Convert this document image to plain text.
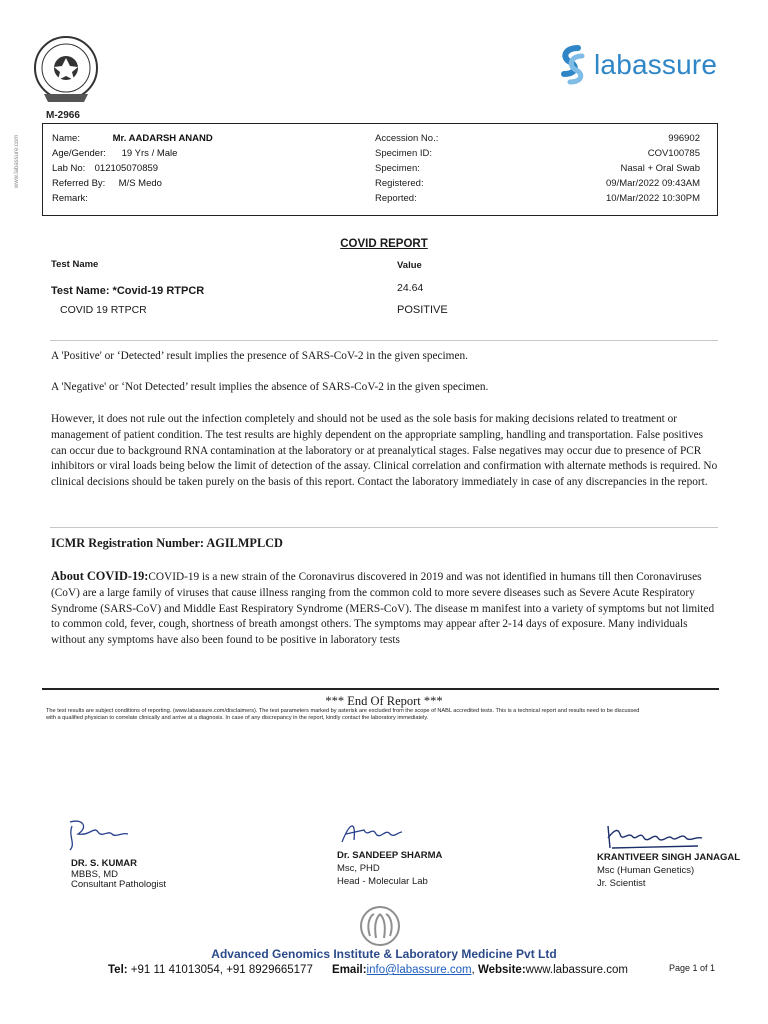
M-2966
labassure
www.labassure.com	Name:	Mr. AADARSH ANAND
Age/Gender: 19 Yrs / Male
Lab No: 012105070859
Referred By: M/S Medo
Remark:
Accession No.:	996902
Specimen ID:	COV100785
Specimen:	Nasal + Oral Swab
Registered:	09/Mar/2022 09:43AM
Reported:	10/Mar/2022 10:30PM
COVID REPORT
Test Name	Value
Test Name: *Covid-19 RTPCR	24.64
COVID 19 RTPCR	POSITIVE
A 'Positive' or ‘Detected’ result implies the presence of SARS-CoV-2 in the given specimen.
A 'Negative' or ‘Not Detected’ result implies the absence of SARS-CoV-2 in the given specimen.
However, it does not rule out the infection completely and should not be used as the sole basis for making decisions related to treatment or management of patient condition. The test results are highly dependent on the appropriate sampling, handling and transportation. False positives can occur due to background RNA contamination at the laboratory or at preanalytical stages. False negatives may occur due to presence of PCR inhibitors or viral loads being below the limit of detection of the assay. Clinical correlation and confirmation with alternate methods is required. No clinical decisions should be taken purely on the basis of this report. Contact the laboratory immediately in case of any discrepancies in the report.
ICMR Registration Number: AGILMPLCD
About COVID-19:COVID-19 is a new strain of the Coronavirus discovered in 2019 and was not identified in humans till then Coronaviruses (CoV) are a large family of viruses that cause illness ranging from the common cold to more severe diseases such as Severe Acute Respiratory Syndrome (SARS-CoV) and Middle East Respiratory Syndrome (MERS-CoV). The disease m manifest into a variety of symptoms but not limited to common cold, fever, cough, shortness of breath amongst others. The symptoms may appear after 2-14 days of exposure. Many individuals without any symptoms have also been found to be positive in laboratory tests
*** End Of Report ***
The test results are subject conditions of reporting. (www.labassure.com/disclaimers). The test parameters marked by asterisk are excluded from the scope of NABL accredited tests. This is a technical report and results need to be discussed with a qualified physician to correlate clinically and arrive at a diagnosis. In case of any discrepancy in the report, kindly contact the laboratory immediately.
DR. S. KUMAR
MBBS, MD
Consultant Pathologist
Dr. SANDEEP SHARMA
Msc, PHD
Head - Molecular Lab
KRANTIVEER SINGH JANAGAL
Msc (Human Genetics)
Jr. Scientist
Advanced Genomics Institute & Laboratory Medicine Pvt Ltd
Tel: +91 11 41013054, +91 8929665177 Email:info@labassure.com, Website:www.labassure.com	Page 1 of 1
